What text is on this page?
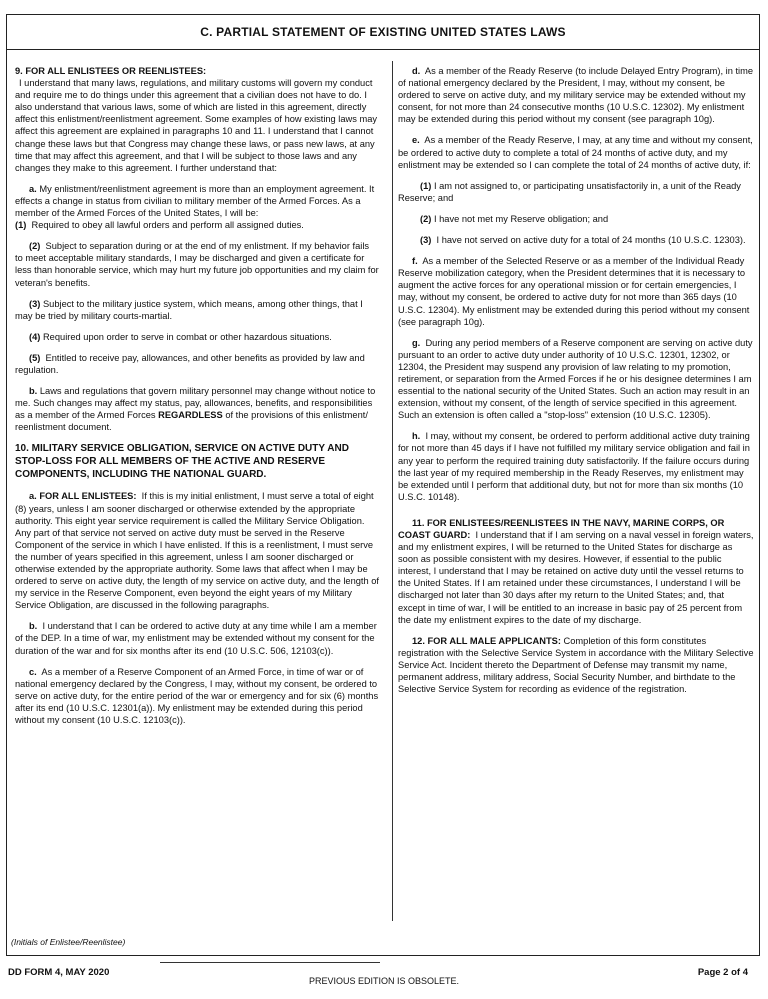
C. PARTIAL STATEMENT OF EXISTING UNITED STATES LAWS

9. FOR ALL ENLISTEES OR REENLISTEES:
I understand that many laws, regulations, and military customs will govern my conduct and require me to do things under this agreement that a civilian does not have to do. I also understand that various laws, some of which are listed in this agreement, directly affect this enlistment/reenlistment agreement. Some examples of how existing laws may affect this agreement are explained in paragraphs 10 and 11. I understand that I cannot change these laws but that Congress may change these laws, or pass new laws, at any time that may affect this agreement, and that I will be subject to those laws and any changes they make to this agreement. I further understand that:

a. My enlistment/reenlistment agreement is more than an employment agreement. It effects a change in status from civilian to military member of the Armed Forces. As a member of the Armed Forces of the United States, I will be:
(1) Required to obey all lawful orders and perform all assigned duties.

(2) Subject to separation during or at the end of my enlistment. If my behavior fails to meet acceptable military standards, I may be discharged and given a certificate for less than honorable service, which may hurt my future job opportunities and my claim for veteran's benefits.

(3) Subject to the military justice system, which means, among other things, that I may be tried by military courts-martial.

(4) Required upon order to serve in combat or other hazardous situations.

(5) Entitled to receive pay, allowances, and other benefits as provided by law and regulation.

b. Laws and regulations that govern military personnel may change without notice to me. Such changes may affect my status, pay, allowances, benefits, and responsibilities as a member of the Armed Forces REGARDLESS of the provisions of this enlistment/ reenlistment document.

10. MILITARY SERVICE OBLIGATION, SERVICE ON ACTIVE DUTY AND STOP-LOSS FOR ALL MEMBERS OF THE ACTIVE AND RESERVE COMPONENTS, INCLUDING THE NATIONAL GUARD.

a. FOR ALL ENLISTEES: If this is my initial enlistment, I must serve a total of eight (8) years, unless I am sooner discharged or otherwise extended by the appropriate authority. This eight year service requirement is called the Military Service Obligation. Any part of that service not served on active duty must be served in the Reserve Component of the service in which I have enlisted. If this is a reenlistment, I must serve the number of years specified in this agreement, unless I am sooner discharged or otherwise extended by the appropriate authority. Some laws that affect when I may be ordered to serve on active duty, the length of my service on active duty, and the length of my service in the Reserve Component, even beyond the eight years of my Military Service Obligation, are discussed in the following paragraphs.

b. I understand that I can be ordered to active duty at any time while I am a member of the DEP. In a time of war, my enlistment may be extended without my consent for the duration of the war and for six months after its end (10 U.S.C. 506, 12103(c)).

c. As a member of a Reserve Component of an Armed Force, in time of war or of national emergency declared by the Congress, I may, without my consent, be ordered to serve on active duty, for the entire period of the war or emergency and for six (6) months after its end (10 U.S.C. 12301(a)). My enlistment may be extended during this period without my consent (10 U.S.C. 12103(c)).

d. As a member of the Ready Reserve (to include Delayed Entry Program), in time of national emergency declared by the President, I may, without my consent, be ordered to serve on active duty, and my military service may be extended without my consent, for not more than 24 consecutive months (10 U.S.C. 12302). My enlistment may be extended during this period without my consent (see paragraph 10g).

e. As a member of the Ready Reserve, I may, at any time and without my consent, be ordered to active duty to complete a total of 24 months of active duty, and my enlistment may be extended so I can complete the total of 24 months of active duty, if:

(1) I am not assigned to, or participating unsatisfactorily in, a unit of the Ready Reserve; and

(2) I have not met my Reserve obligation; and

(3) I have not served on active duty for a total of 24 months (10 U.S.C. 12303).

f. As a member of the Selected Reserve or as a member of the Individual Ready Reserve mobilization category, when the President determines that it is necessary to augment the active forces for any operational mission or for certain emergencies, I may, without my consent, be ordered to active duty for not more than 365 days (10 U.S.C. 12304). My enlistment may be extended during this period without my consent (see paragraph 10g).

g. During any period members of a Reserve component are serving on active duty pursuant to an order to active duty under authority of 10 U.S.C. 12301, 12302, or 12304, the President may suspend any provision of law relating to my promotion, retirement, or separation from the Armed Forces if he or his designee determines I am essential to the national security of the United States. Such an action may result in an extension, without my consent, of the length of service specified in this agreement. Such an extension is often called a "stop-loss" extension (10 U.S.C. 12305).

h. I may, without my consent, be ordered to perform additional active duty training for not more than 45 days if I have not fulfilled my military service obligation and fail in any year to perform the required training duty satisfactorily. If the failure occurs during the last year of my required membership in the Ready Reserves, my enlistment may be extended until I perform that additional duty, but not for more than six months (10 U.S.C. 10148).

11. FOR ENLISTEES/REENLISTEES IN THE NAVY, MARINE CORPS, OR COAST GUARD: I understand that if I am serving on a naval vessel in foreign waters, and my enlistment expires, I will be returned to the United States for discharge as soon as possible consistent with my desires. However, if essential to the public interest, I understand that I may be retained on active duty until the vessel returns to the United States. If I am retained under these circumstances, I understand I will be discharged not later than 30 days after my return to the United States; and, that except in time of war, I will be entitled to an increase in basic pay of 25 percent from the date my enlistment expires to the date of my discharge.

12. FOR ALL MALE APPLICANTS: Completion of this form constitutes registration with the Selective Service System in accordance with the Military Selective Service Act. Incident thereto the Department of Defense may transmit my name, permanent address, military address, Social Security Number, and birthdate to the Selective Service System for recording as evidence of the registration.

(Initials of Enlistee/Reenlistee)
DD FORM 4, MAY 2020
PREVIOUS EDITION IS OBSOLETE.
Page 2 of 4
